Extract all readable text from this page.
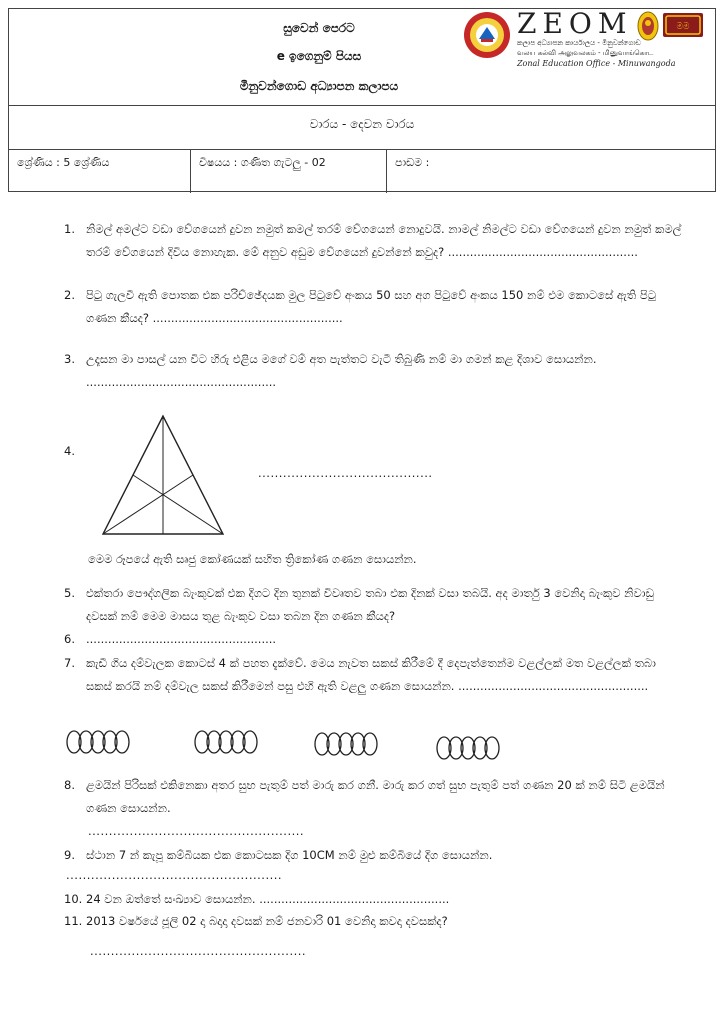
සුවෙන් පෙරට
e ඉගෙනුම් පියස
මීනුවන්ගොඩ අධ්‍යාපන කලාපය
ZEOM
කලාප අධ්‍යාපන කාර්යාලය - මීනුවන්ගොඩ
வலய கல்வி அலுவலகம் - மினுவாங்கொட
Zonal Education Office - Minuwangoda
මම
වාරය - දෙවන වාරය
ශ්‍රේණිය : 5 ශ්‍රේණිය	විෂයය : ගණිත ගැටලු - 02	පාඩම :
1. නිමල් අමල්ට වඩා වේගයෙන් දුවන නමුත් කමල් තරම් වේගයෙන් නොදුවයි. නාමල් නිමල්ට වඩා වේගයෙන් දුවන නමුත් කමල් තරම් වේගයෙන් දිවිය නොහැක. මේ අනුව අඩුම වේගයෙන් දුවන්නේ කවුද? ....................................................
2. පිටු ගැලවී ඇති පොතක එක පරිච්ඡේදයක මුල පිටුවේ අංකය 50 සහ අග පිටුවේ අංකය 150 නම් එම කොටසේ ඇති පිටු ගණන කීයද? ....................................................
3. උදෑසන මා පාසල් යන විට හිරු එළිය මගේ වම් අත පැත්තට වැටී තිබුණි නම් මා ගමන් කළ දිශාව සොයන්න. ....................................................
4.
..........................................
මෙම රූපයේ ඇති සෘජු කෝණයක් සහිත ත්‍රිකෝණ ගණන සොයන්න.
5. එක්තරා පෞද්ගලික බැංකුවක් එක දිගට දින තුනක් විවෘතව තබා එක දිනක් වසා තබයි. අද මාර්තු 3 වෙනිදා බැංකුව නිවාඩු දවසක් නම් මෙම මාසය තුළ බැංකුව වසා තබන දින ගණන කීයද?
6. ....................................................
7. කැඩී ගිය දම්වැලක කොටස් 4 ක් පහත දැක්වේ. මෙය නැවත සකස් කිරීමේ දී දෙපැත්තෙන්ම වළල්ලක් මත වළල්ලක් තබා සකස් කරයි නම් දම්වැල සකස් කිරීමෙන් පසු එහි ඇති වළලු ගණන සොයන්න. ....................................................
8. ළමයින් පිරිසක් එකිනෙකා අතර සුභ පැතුම් පත් මාරු කර ගනී. මාරු කර ගත් සුභ පැතුම් පත් ගණන 20 ක් නම් සිටි ළමයින් ගණන සොයන්න.
....................................................
9. ස්ථාන 7 න් කැපූ කම්බියක එක කොටසක දිග 10CM නම් මුළු කම්බියේ දිග සොයන්න.
....................................................
10. 24 වන ඔත්තේ සංඛ්‍යාව සොයන්න. ....................................................
11. 2013 වර්ෂයේ ජූලි 02 දා බදාදා දවසක් නම් ජනවාරි 01 වෙනිදා කවදා දවසක්ද?
....................................................
